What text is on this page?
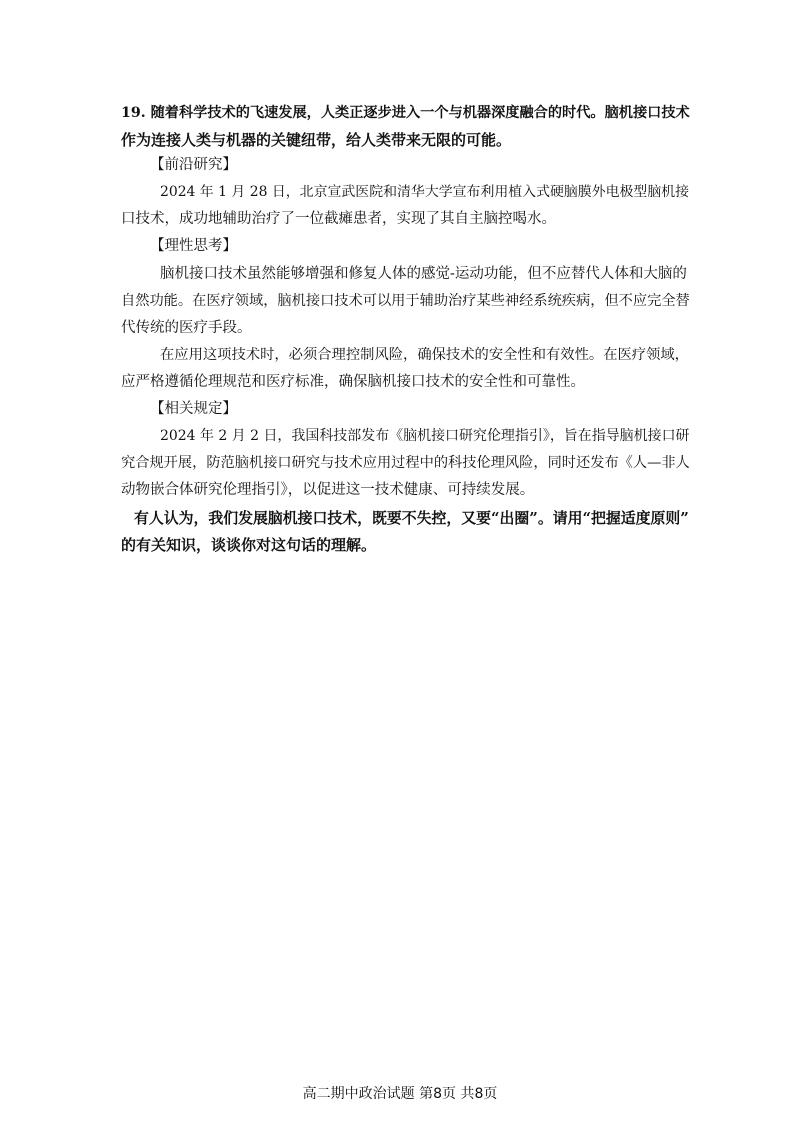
19. 随着科学技术的飞速发展，人类正逐步进入一个与机器深度融合的时代。脑机接口技术
作为连接人类与机器的关键纽带，给人类带来无限的可能。
【前沿研究】
2024 年 1 月 28 日，北京宣武医院和清华大学宣布利用植入式硬脑膜外电极型脑机接
口技术，成功地辅助治疗了一位截瘫患者，实现了其自主脑控喝水。
【理性思考】
脑机接口技术虽然能够增强和修复人体的感觉-运动功能，但不应替代人体和大脑的
自然功能。在医疗领域，脑机接口技术可以用于辅助治疗某些神经系统疾病，但不应完全替
代传统的医疗手段。
在应用这项技术时，必须合理控制风险，确保技术的安全性和有效性。在医疗领域，
应严格遵循伦理规范和医疗标准，确保脑机接口技术的安全性和可靠性。
【相关规定】
2024 年 2 月 2 日，我国科技部发布《脑机接口研究伦理指引》，旨在指导脑机接口研
究合规开展，防范脑机接口研究与技术应用过程中的科技伦理风险，同时还发布《人—非人
动物嵌合体研究伦理指引》，以促进这一技术健康、可持续发展。
有人认为，我们发展脑机接口技术，既要不失控，又要“出圈”。请用“把握适度原则”
的有关知识，谈谈你对这句话的理解。
高二期中政治试题 第8页 共8页
